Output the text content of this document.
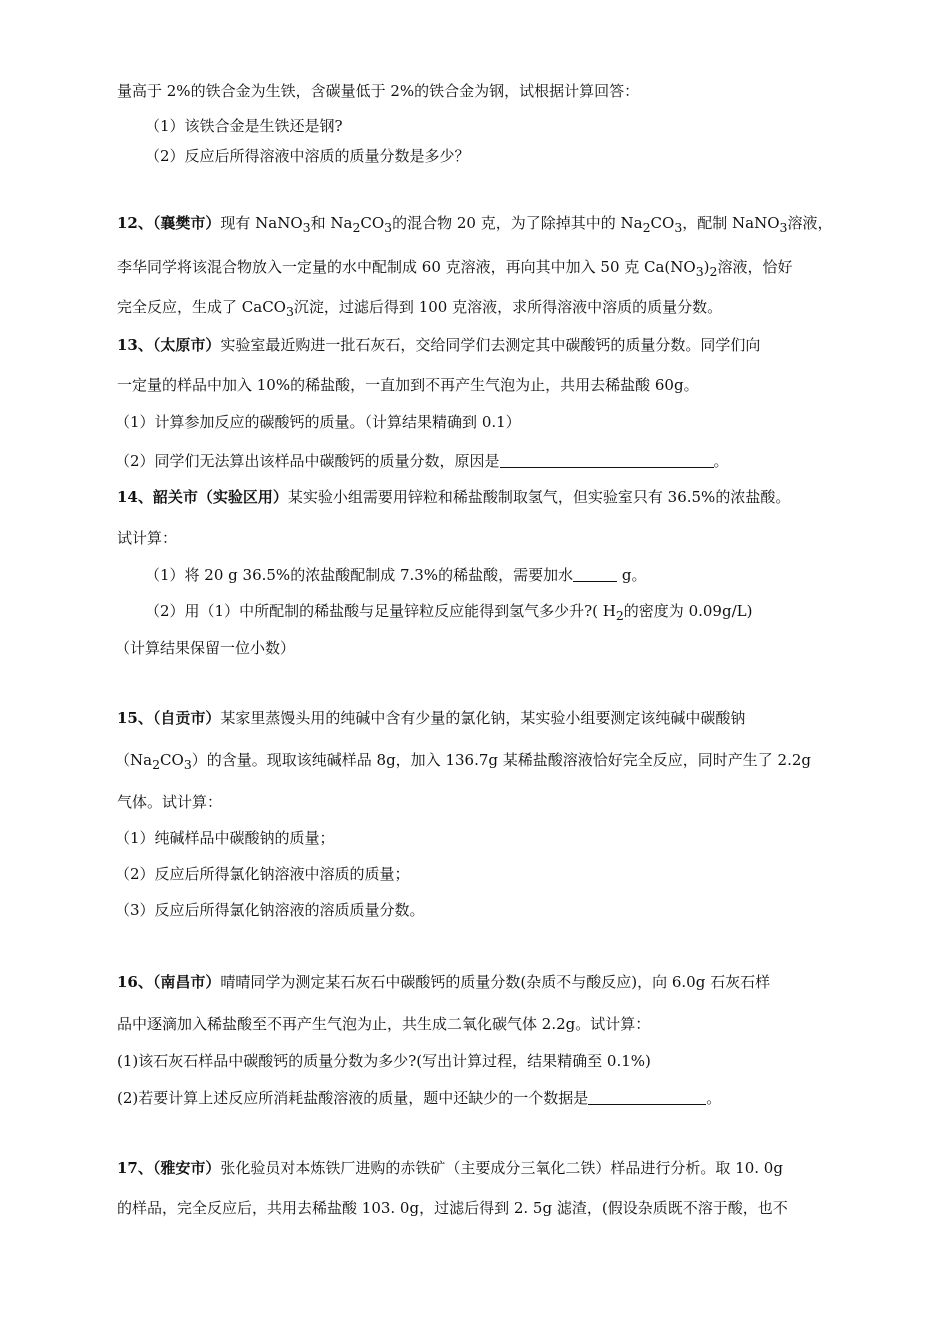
量高于 2%的铁合金为生铁，含碳量低于 2%的铁合金为钢，试根据计算回答：
（1）该铁合金是生铁还是钢?
（2）反应后所得溶液中溶质的质量分数是多少？
12、（襄樊市）现有 NaNO$_3$和 $Na_2CO_3$的混合物 20 克，为了除掉其中的 $Na_2CO_3$，配制 NaNO$_3$溶液，
李华同学将该混合物放入一定量的水中配制成 60 克溶液，再向其中加入 50 克 $Ca(NO_3)_2$溶液，恰好
完全反应，生成了 CaCO$_3$沉淀，过滤后得到 100 克溶液，求所得溶液中溶质的质量分数。
13、（太原市）实验室最近购进一批石灰石，交给同学们去测定其中碳酸钙的质量分数。同学们向
一定量的样品中加入 10%的稀盐酸，一直加到不再产生气泡为止，共用去稀盐酸 60g。
（1）计算参加反应的碳酸钙的质量。（计算结果精确到 0.1）
（2）同学们无法算出该样品中碳酸钙的质量分数，原因是	。
14、韶关市（实验区用）某实验小组需要用锌粒和稀盐酸制取氢气，但实验室只有 36.5%的浓盐酸。
试计算：
（1）将 20 g 36.5%的浓盐酸配制成 7.3%的稀盐酸，需要加水	g。
（2）用（1）中所配制的稀盐酸与足量锌粒反应能得到氢气多少升?( $H_2$的密度为 0.09g/L)
（计算结果保留一位小数）
15、（自贡市）某家里蒸馒头用的纯碱中含有少量的氯化钠，某实验小组要测定该纯碱中碳酸钠
$(Na_2CO_3)$的含量。现取该纯碱样品 8g，加入 136.7g 某稀盐酸溶液恰好完全反应，同时产生了 2.2g
气体。试计算：
（1）纯碱样品中碳酸钠的质量；
（2）反应后所得氯化钠溶液中溶质的质量；
（3）反应后所得氯化钠溶液的溶质质量分数。
16、（南昌市）晴晴同学为测定某石灰石中碳酸钙的质量分数(杂质不与酸反应)，向 6.0g 石灰石样
品中逐滴加入稀盐酸至不再产生气泡为止，共生成二氧化碳气体 2.2g。试计算：
(1)该石灰石样品中碳酸钙的质量分数为多少?(写出计算过程，结果精确至 0.1%)
(2)若要计算上述反应所消耗盐酸溶液的质量，题中还缺少的一个数据是	。
17、（雅安市）张化验员对本炼铁厂进购的赤铁矿（主要成分三氧化二铁）样品进行分析。取 10. 0g
的样品，完全反应后，共用去稀盐酸 103. 0g，过滤后得到 2. 5g 滤渣，(假设杂质既不溶于酸，也不
